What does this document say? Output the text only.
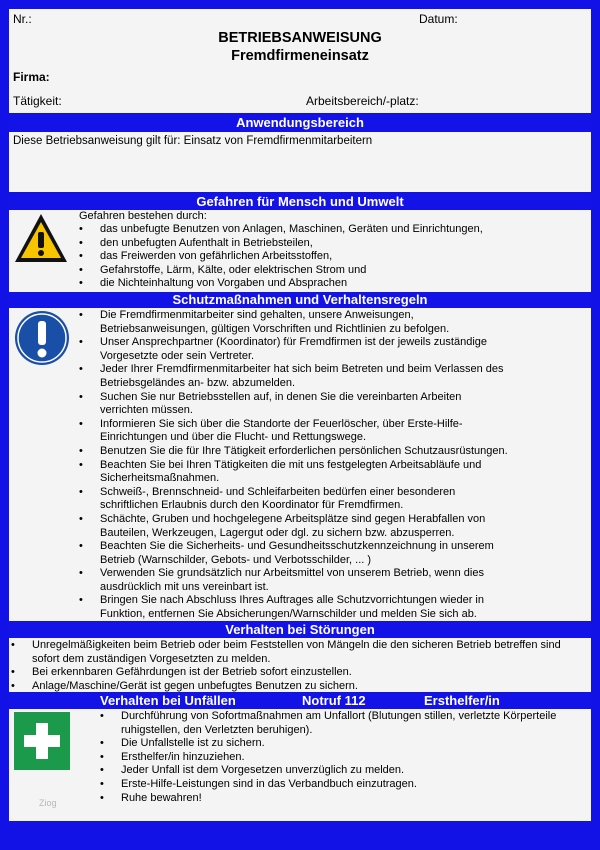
Nr.:	Datum:
BETRIEBSANWEISUNG
Fremdfirmeneinsatz
Firma:
Tätigkeit:	Arbeitsbereich/-platz:
Anwendungsbereich
Diese Betriebsanweisung gilt für: Einsatz von Fremdfirmenmitarbeitern
Gefahren für Mensch und Umwelt
Gefahren bestehen durch:
• das unbefugte Benutzen von Anlagen, Maschinen, Geräten und Einrichtungen,
• den unbefugten Aufenthalt in Betriebsteilen,
• das Freiwerden von gefährlichen Arbeitsstoffen,
• Gefahrstoffe, Lärm, Kälte, oder elektrischen Strom und
• die Nichteinhaltung von Vorgaben und Absprachen
Schutzmaßnahmen und Verhaltensregeln
• Die Fremdfirmenmitarbeiter sind gehalten, unsere Anweisungen,
Betriebsanweisungen, gültigen Vorschriften und Richtlinien zu befolgen.
• Unser Ansprechpartner (Koordinator) für Fremdfirmen ist der jeweils zuständige
Vorgesetzte oder sein Vertreter.
• Jeder Ihrer Fremdfirmenmitarbeiter hat sich beim Betreten und beim Verlassen des
Betriebsgeländes an- bzw. abzumelden.
• Suchen Sie nur Betriebsstellen auf, in denen Sie die vereinbarten Arbeiten
verrichten müssen.
• Informieren Sie sich über die Standorte der Feuerlöscher, über Erste-Hilfe-
Einrichtungen und über die Flucht- und Rettungswege.
• Benutzen Sie die für Ihre Tätigkeit erforderlichen persönlichen Schutzausrüstungen.
• Beachten Sie bei Ihren Tätigkeiten die mit uns festgelegten Arbeitsabläufe und
Sicherheitsmaßnahmen.
• Schweiß-, Brennschneid- und Schleifarbeiten bedürfen einer besonderen
schriftlichen Erlaubnis durch den Koordinator für Fremdfirmen.
• Schächte, Gruben und hochgelegene Arbeitsplätze sind gegen Herabfallen von
Bauteilen, Werkzeugen, Lagergut oder dgl. zu sichern bzw. abzusperren.
• Beachten Sie die Sicherheits- und Gesundheitsschutzkennzeichnung in unserem
Betrieb (Warnschilder, Gebots- und Verbotsschilder, ... )
• Verwenden Sie grundsätzlich nur Arbeitsmittel von unserem Betrieb, wenn dies
ausdrücklich mit uns vereinbart ist.
• Bringen Sie nach Abschluss Ihres Auftrages alle Schutzvorrichtungen wieder in
Funktion, entfernen Sie Absicherungen/Warnschilder und melden Sie sich ab.
Verhalten bei Störungen
• Unregelmäßigkeiten beim Betrieb oder beim Feststellen von Mängeln die den sicheren Betrieb betreffen sind
sofort dem zuständigen Vorgesetzten zu melden.
• Bei erkennbaren Gefährdungen ist der Betrieb sofort einzustellen.
• Anlage/Maschine/Gerät ist gegen unbefugtes Benutzen zu sichern.
Verhalten bei Unfällen	Notruf 112	Ersthelfer/in
Ziog
• Durchführung von Sofortmaßnahmen am Unfallort (Blutungen stillen, verletzte Körperteile
ruhigstellen, den Verletzten beruhigen).
• Die Unfallstelle ist zu sichern.
• Ersthelfer/in hinzuziehen.
• Jeder Unfall ist dem Vorgesetzen unverzüglich zu melden.
• Erste-Hilfe-Leistungen sind in das Verbandbuch einzutragen.
• Ruhe bewahren!
